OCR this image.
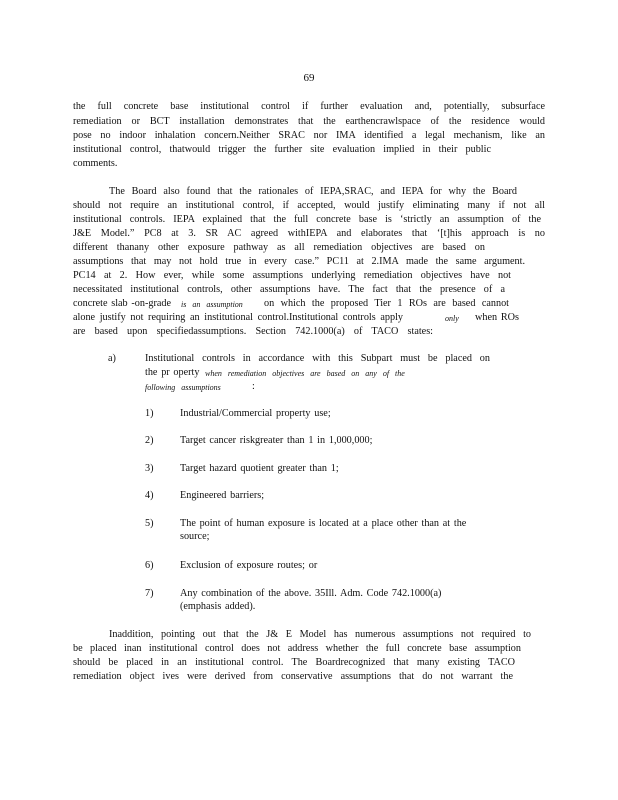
69
the full concrete base institutional control if further evaluation and, potentially, subsurface
remediation or BCT installation demonstrates that the earthencrawlspace of the residence would
pose no indoor inhalation concern.Neither SRAC nor IMA identified a legal mechanism, like an
institutional control, thatwould trigger the further site evaluation implied in their public
comments.
The Board also found that the rationales of IEPA,SRAC, and IEPA for why the Board
should not require an institutional control, if accepted, would justify eliminating many if not all
institutional controls. IEPA explained that the full concrete base is ‘strictly an assumption of the
J&E Model.” PC8 at 3. SR AC agreed withIEPA and elaborates that ‘[t]his approach is no
different thanany other exposure pathway as all remediation objectives are based on
assumptions that may not hold true in every case.” PC11 at 2.IMA made the same argument.
PC14 at 2. How ever, while some assumptions underlying remediation objectives have not
necessitated institutional controls, other assumptions have. The fact that the presence of a
concrete slab -on-grade is an assumption on which the proposed Tier 1 ROs are based cannot
alone justify not requiring an institutional control.Institutional controls apply	only when ROs
are based upon specifiedassumptions. Section 742.1000(a) of TACO states:
a)	Institutional controls in accordance with this Subpart must be placed on
the pr operty when remediation objectives are based on any of the
following assumptions	:
1)	Industrial/Commercial property use;
2)	Target cancer riskgreater than 1 in 1,000,000;
3)	Target hazard quotient greater than 1;
4)	Engineered barriers;
5)	The point of human exposure is located at a place other than at the
source;
6)	Exclusion of exposure routes; or
7)	Any combination of the above. 35Ill. Adm. Code 742.1000(a)
(emphasis added).
Inaddition, pointing out that the J& E Model has numerous assumptions not required to
be placed inan institutional control does not address whether the full concrete base assumption
should be placed in an institutional control. The Boardrecognized that many existing TACO
remediation object ives were derived from conservative assumptions that do not warrant the
